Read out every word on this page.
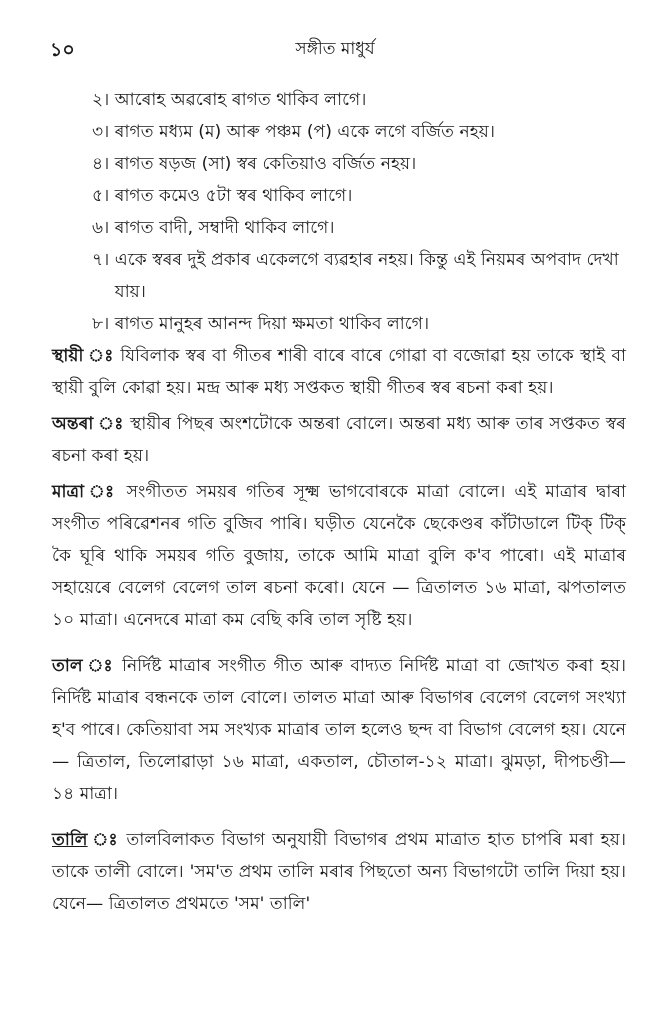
১০	সঙ্গীত মাধুৰ্য
২। আৰোহ অৱৰোহ ৰাগত থাকিব লাগে।
৩। ৰাগত মধ্যম (ম) আৰু পঞ্চম (প) একে লগে বৰ্জিত নহয়।
৪। ৰাগত ষড়জ (সা) স্বৰ কেতিয়াও বৰ্জিত নহয়।
৫। ৰাগত কমেও ৫টা স্বৰ থাকিব লাগে।
৬। ৰাগত বাদী, সম্বাদী থাকিব লাগে।
৭। একে স্বৰৰ দুই প্ৰকাৰ একেলগে ব্যৱহাৰ নহয়। কিন্তু এই নিয়মৰ অপবাদ দেখা যায়।
৮। ৰাগত মানুহৰ আনন্দ দিয়া ক্ষমতা থাকিব লাগে।

স্থায়ী ঃ যিবিলাক স্বৰ বা গীতৰ শাৰী বাৰে বাৰে গোৱা বা বজোৱা হয় তাকে স্থাই বা স্থায়ী বুলি কোৱা হয়। মন্দ্ৰ আৰু মধ্য সপ্তকত স্থায়ী গীতৰ স্বৰ ৰচনা কৰা হয়।

অন্তৰা ঃ স্থায়ীৰ পিছৰ অংশটোকে অন্তৰা বোলে। অন্তৰা মধ্য আৰু তাৰ সপ্তকত স্বৰ ৰচনা কৰা হয়।

মাত্ৰা ঃ সংগীতত সময়ৰ গতিৰ সূক্ষ্ম ভাগবোৰকে মাত্ৰা বোলে। এই মাত্ৰাৰ দ্বাৰা সংগীত পৰিৱেশনৰ গতি বুজিব পাৰি। ঘড়ীত যেনেকৈ ছেকেণ্ডৰ কাঁটাডালে টিক্ টিক্ কৈ ঘূৰি থাকি সময়ৰ গতি বুজায়, তাকে আমি মাত্ৰা বুলি ক'ব পাৰো। এই মাত্ৰাৰ সহায়েৰে বেলেগ বেলেগ তাল ৰচনা কৰো। যেনে — ত্ৰিতালত ১৬ মাত্ৰা, ঝপতালত ১০ মাত্ৰা। এনেদৰে মাত্ৰা কম বেছি কৰি তাল সৃষ্টি হয়।

তাল ঃ নিৰ্দিষ্ট মাত্ৰাৰ সংগীত গীত আৰু বাদ্যত নিৰ্দিষ্ট মাত্ৰা বা জোখত কৰা হয়। নিৰ্দিষ্ট মাত্ৰাৰ বন্ধনকে তাল বোলে। তালত মাত্ৰা আৰু বিভাগৰ বেলেগ বেলেগ সংখ্যা হ'ব পাৰে। কেতিয়াবা সম সংখ্যক মাত্ৰাৰ তাল হলেও ছন্দ বা বিভাগ বেলেগ হয়। যেনে— ত্ৰিতাল, তিলোৱাড়া ১৬ মাত্ৰা, একতাল, চৌতাল-১২ মাত্ৰা। ঝুমড়া, দীপচণ্ডী— ১৪ মাত্ৰা।

তালি ঃ তালবিলাকত বিভাগ অনুযায়ী বিভাগৰ প্ৰথম মাত্ৰাত হাত চাপৰি মৰা হয়। তাকে তালী বোলে। 'সম'ত প্ৰথম তালি মৰাৰ পিছতো অন্য বিভাগটো তালি দিয়া হয়। যেনে— ত্ৰিতালত প্ৰথমতে 'সম' তালি'
